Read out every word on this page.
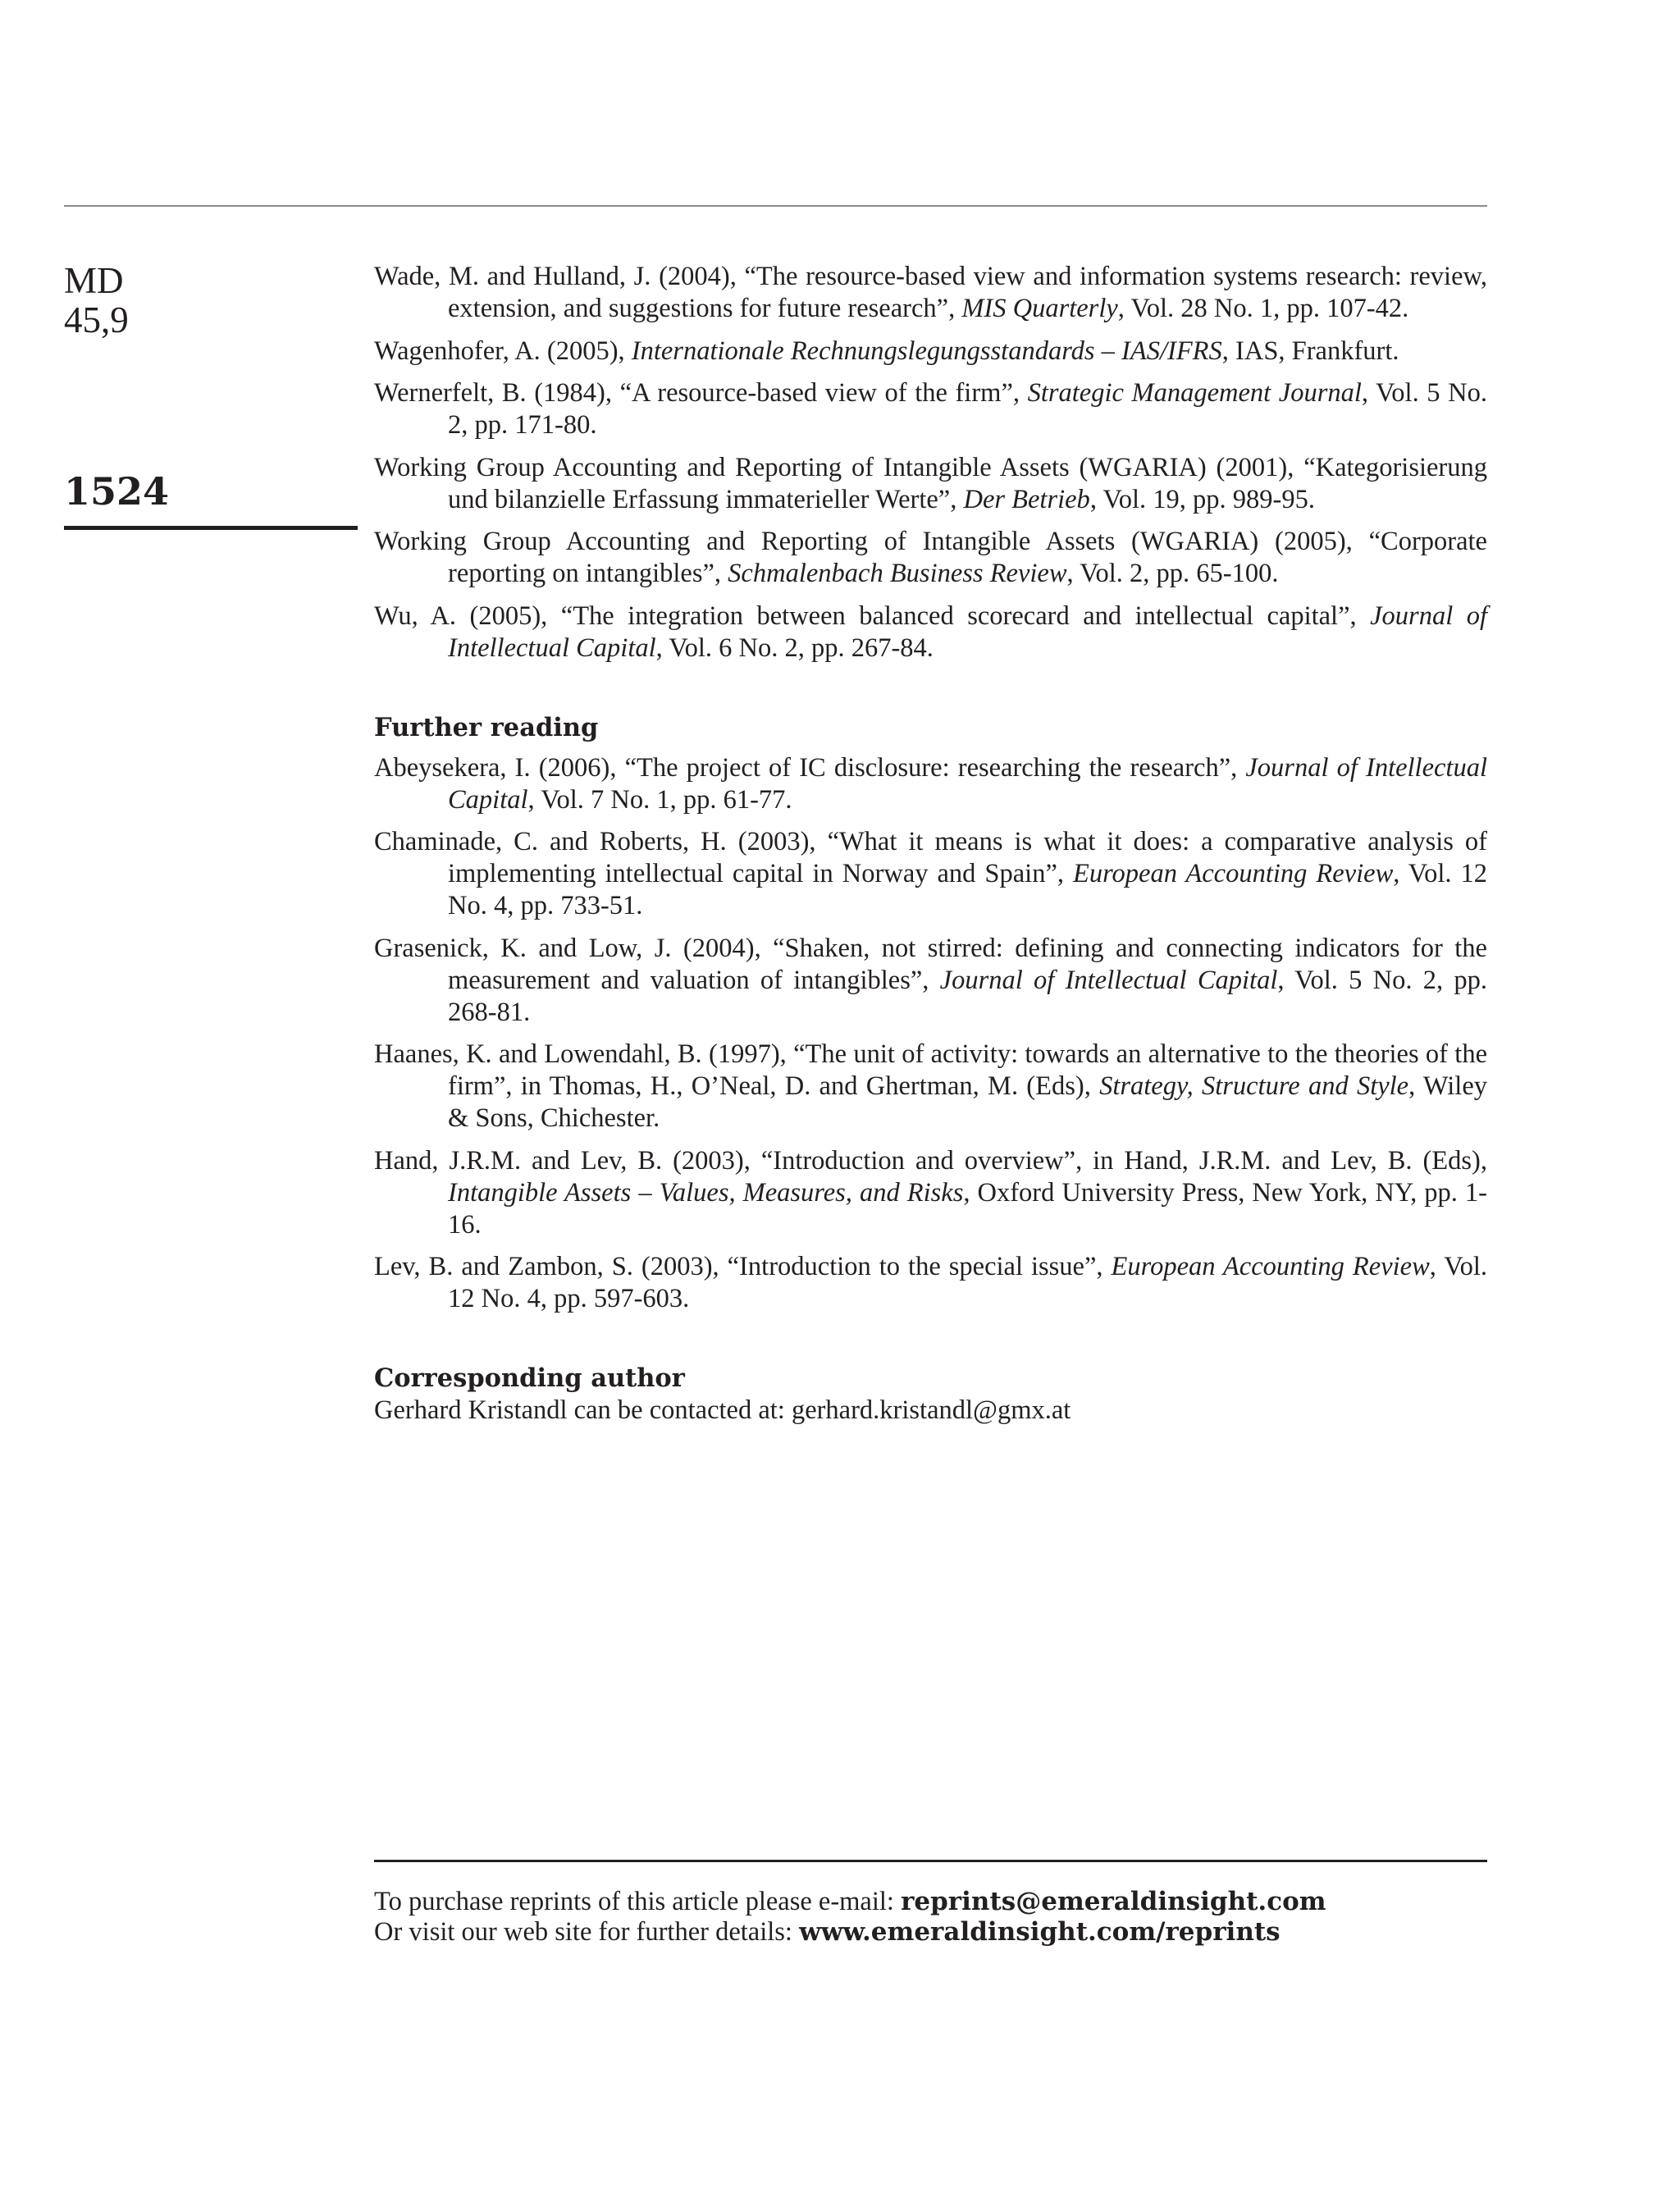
MD
45,9
1524

Wade, M. and Hulland, J. (2004), “The resource-based view and information systems research: review, extension, and suggestions for future research”, MIS Quarterly, Vol. 28 No. 1, pp. 107-42.

Wagenhofer, A. (2005), Internationale Rechnungslegungsstandards – IAS/IFRS, IAS, Frankfurt.

Wernerfelt, B. (1984), “A resource-based view of the firm”, Strategic Management Journal, Vol. 5 No. 2, pp. 171-80.

Working Group Accounting and Reporting of Intangible Assets (WGARIA) (2001), “Kategorisierung und bilanzielle Erfassung immaterieller Werte”, Der Betrieb, Vol. 19, pp. 989-95.

Working Group Accounting and Reporting of Intangible Assets (WGARIA) (2005), “Corporate reporting on intangibles”, Schmalenbach Business Review, Vol. 2, pp. 65-100.

Wu, A. (2005), “The integration between balanced scorecard and intellectual capital”, Journal of Intellectual Capital, Vol. 6 No. 2, pp. 267-84.

Further reading

Abeysekera, I. (2006), “The project of IC disclosure: researching the research”, Journal of Intellectual Capital, Vol. 7 No. 1, pp. 61-77.

Chaminade, C. and Roberts, H. (2003), “What it means is what it does: a comparative analysis of implementing intellectual capital in Norway and Spain”, European Accounting Review, Vol. 12 No. 4, pp. 733-51.

Grasenick, K. and Low, J. (2004), “Shaken, not stirred: defining and connecting indicators for the measurement and valuation of intangibles”, Journal of Intellectual Capital, Vol. 5 No. 2, pp. 268-81.

Haanes, K. and Lowendahl, B. (1997), “The unit of activity: towards an alternative to the theories of the firm”, in Thomas, H., O’Neal, D. and Ghertman, M. (Eds), Strategy, Structure and Style, Wiley & Sons, Chichester.

Hand, J.R.M. and Lev, B. (2003), “Introduction and overview”, in Hand, J.R.M. and Lev, B. (Eds), Intangible Assets – Values, Measures, and Risks, Oxford University Press, New York, NY, pp. 1-16.

Lev, B. and Zambon, S. (2003), “Introduction to the special issue”, European Accounting Review, Vol. 12 No. 4, pp. 597-603.

Corresponding author

Gerhard Kristandl can be contacted at: gerhard.kristandl@gmx.at

To purchase reprints of this article please e-mail: reprints@emeraldinsight.com

Or visit our web site for further details: www.emeraldinsight.com/reprints
